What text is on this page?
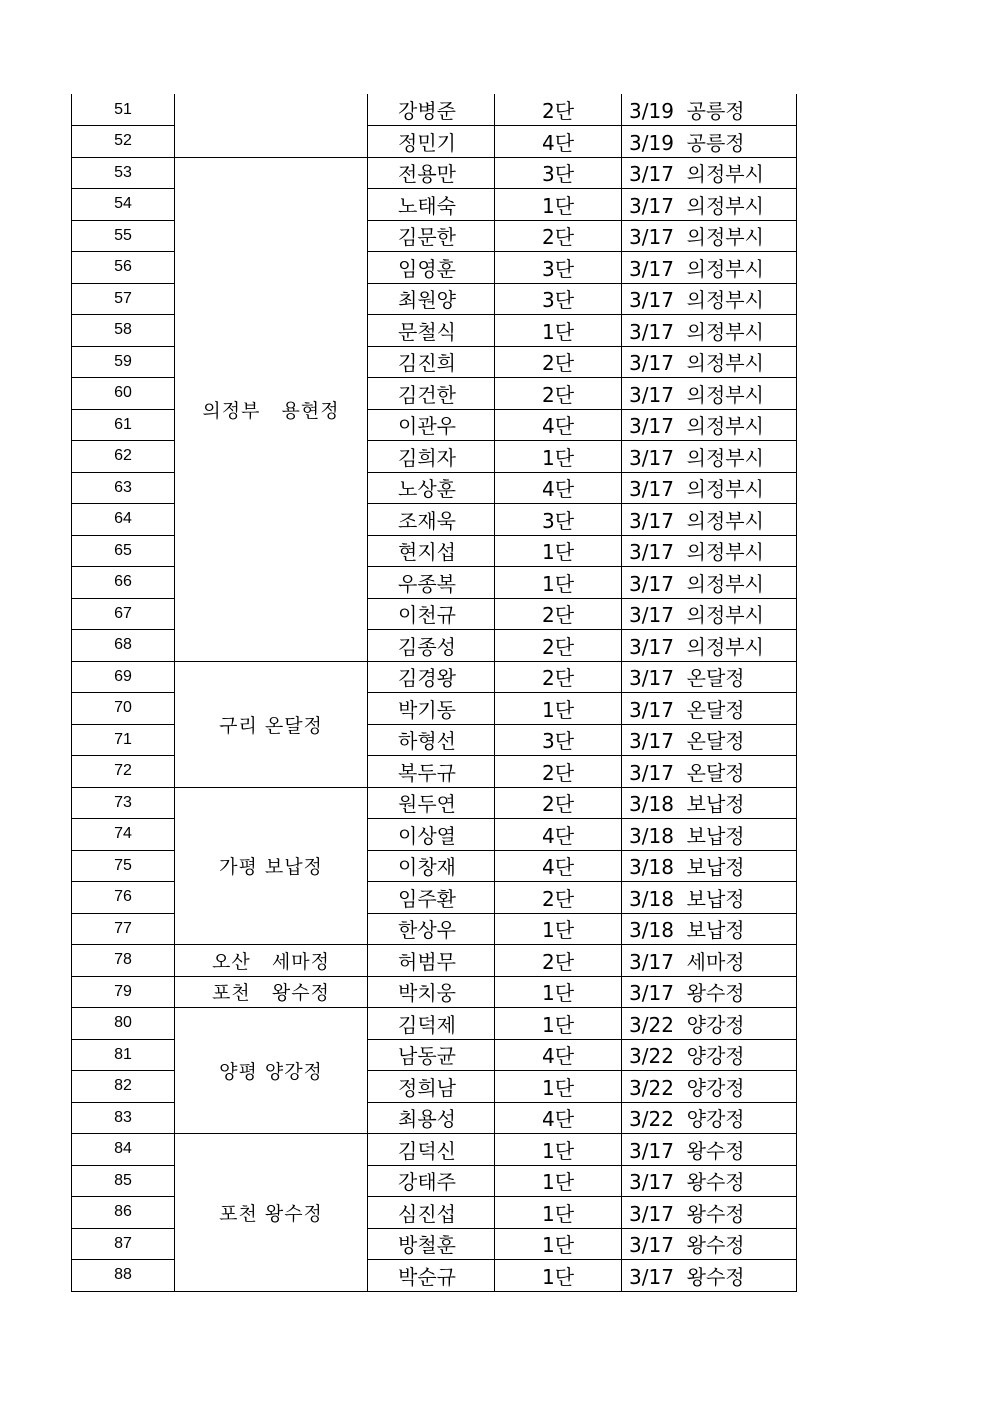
51		강병준	2단	3/19  공릉정
52		정민기	4단	3/19  공릉정
53	의정부   용현정	전용만	3단	3/17  의정부시
54		노태숙	1단	3/17  의정부시
55		김문한	2단	3/17  의정부시
56		임영훈	3단	3/17  의정부시
57		최원양	3단	3/17  의정부시
58		문철식	1단	3/17  의정부시
59		김진희	2단	3/17  의정부시
60		김건한	2단	3/17  의정부시
61		이관우	4단	3/17  의정부시
62		김희자	1단	3/17  의정부시
63		노상훈	4단	3/17  의정부시
64		조재욱	3단	3/17  의정부시
65		현지섭	1단	3/17  의정부시
66		우종복	1단	3/17  의정부시
67		이천규	2단	3/17  의정부시
68		김종성	2단	3/17  의정부시
69	구리 온달정	김경왕	2단	3/17  온달정
70		박기동	1단	3/17  온달정
71		하형선	3단	3/17  온달정
72		복두규	2단	3/17  온달정
73	가평 보납정	원두연	2단	3/18  보납정
74		이상열	4단	3/18  보납정
75		이창재	4단	3/18  보납정
76		임주환	2단	3/18  보납정
77		한상우	1단	3/18  보납정
78	오산   세마정	허범무	2단	3/17  세마정
79	포천   왕수정	박치웅	1단	3/17  왕수정
80	양평 양강정	김덕제	1단	3/22  양강정
81		남동균	4단	3/22  양강정
82		정희남	1단	3/22  양강정
83		최용성	4단	3/22  양강정
84	포천 왕수정	김덕신	1단	3/17  왕수정
85		강태주	1단	3/17  왕수정
86		심진섭	1단	3/17  왕수정
87		방철훈	1단	3/17  왕수정
88		박순규	1단	3/17  왕수정
